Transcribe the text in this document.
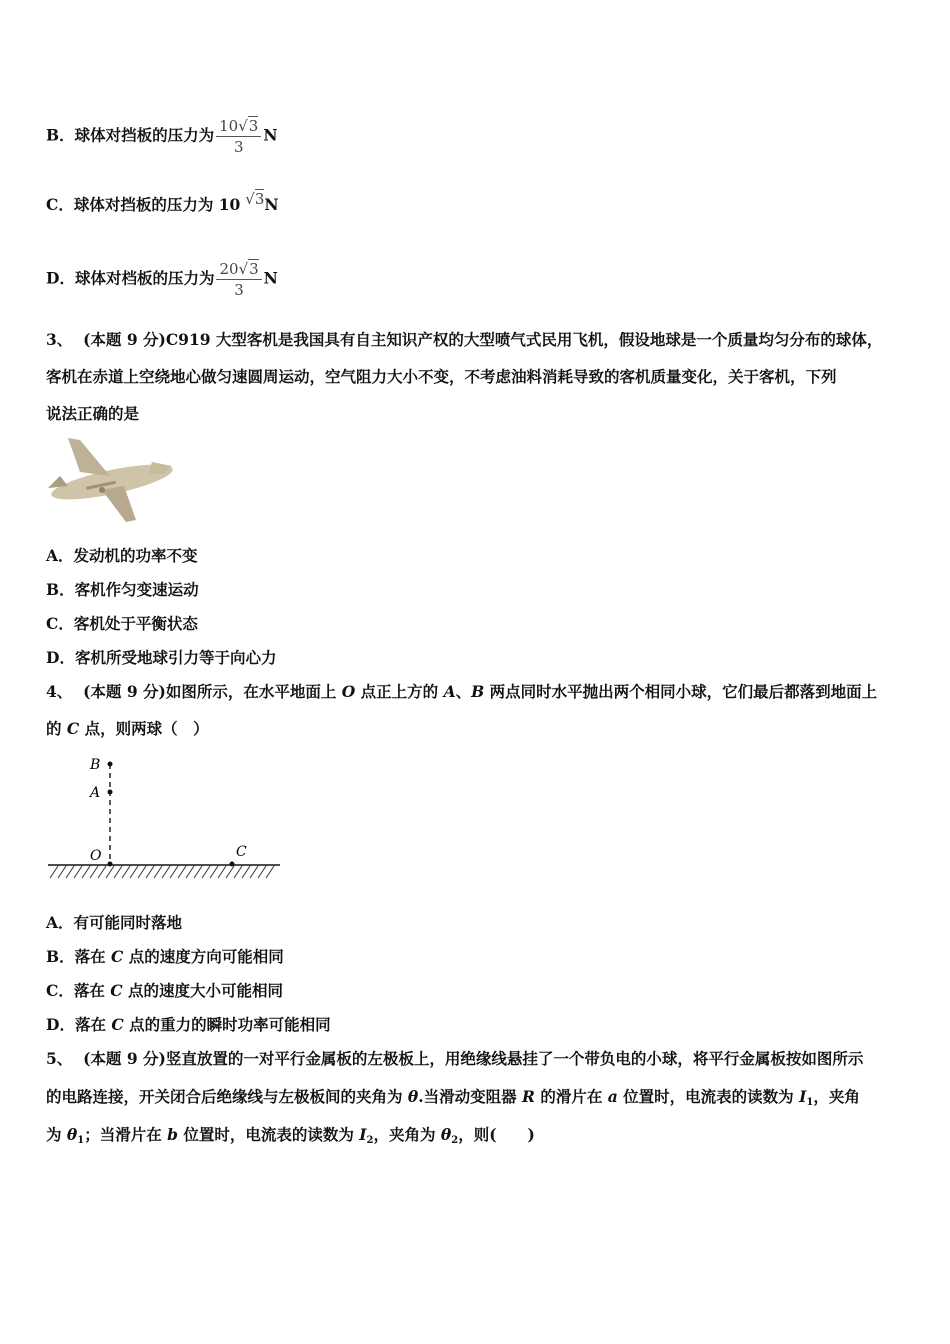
B．球体对挡板的压力为 $\frac{10√3}{3}$ N
C．球体对挡板的压力为 10 √3N
D．球体对档板的压力为 $\frac{20√3}{3}$ N
3、 (本题 9 分)C919 大型客机是我国具有自主知识产权的大型喷气式民用飞机，假设地球是一个质量均匀分布的球体，
客机在赤道上空绕地心做匀速圆周运动，空气阻力大小不变，不考虑油料消耗导致的客机质量变化，关于客机，下列
说法正确的是
A．发动机的功率不变
B．客机作匀变速运动
C．客机处于平衡状态
D．客机所受地球引力等于向心力
4、 (本题 9 分)如图所示，在水平地面上 O 点正上方的 A、B 两点同时水平抛出两个相同小球，它们最后都落到地面上
的 C 点，则两球（　）
B
A
O	C
A．有可能同时落地
B．落在 C 点的速度方向可能相同
C．落在 C 点的速度大小可能相同
D．落在 C 点的重力的瞬时功率可能相同
5、 (本题 9 分)竖直放置的一对平行金属板的左极板上，用绝缘线悬挂了一个带负电的小球，将平行金属板按如图所示
的电路连接，开关闭合后绝缘线与左极板间的夹角为 θ.当滑动变阻器 R 的滑片在 a 位置时，电流表的读数为 $I_1$，夹角
为 $\theta_1$；当滑片在 b 位置时，电流表的读数为 $I_2$，夹角为 $\theta_2$，则(　　)
